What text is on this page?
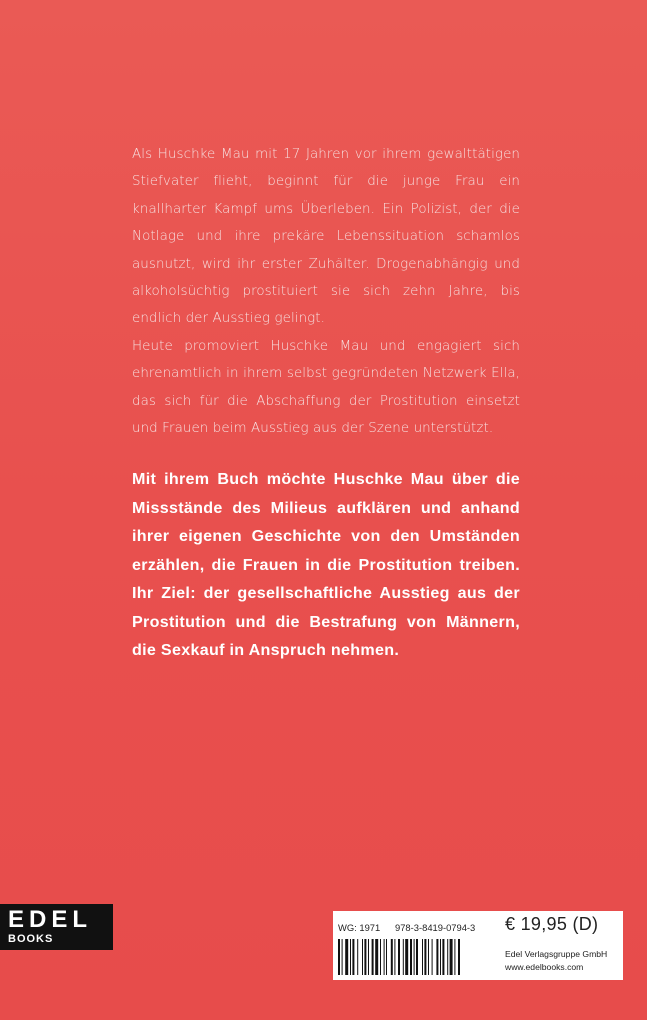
Als Huschke Mau mit 17 Jahren vor ihrem gewalttätigen Stiefvater flieht, beginnt für die junge Frau ein knallharter Kampf ums Überleben. Ein Polizist, der die Notlage und ihre prekäre Lebenssituation schamlos ausnutzt, wird ihr erster Zuhälter. Drogenabhängig und alkoholsüchtig prostituiert sie sich zehn Jahre, bis endlich der Ausstieg gelingt.

Heute promoviert Huschke Mau und engagiert sich ehrenamtlich in ihrem selbst gegründeten Netzwerk Ella, das sich für die Abschaffung der Prostitution einsetzt und Frauen beim Ausstieg aus der Szene unterstützt.

Mit ihrem Buch möchte Huschke Mau über die Missstände des Milieus aufklären und anhand ihrer eigenen Geschichte von den Umständen erzählen, die Frauen in die Prostitution treiben. Ihr Ziel: der gesellschaftliche Ausstieg aus der Prostitution und die Bestrafung von Männern, die Sexkauf in Anspruch nehmen.

EDEL
BOOKS
WG: 1971 978-3-8419-0794-3 € 19,95 (D)
Edel Verlagsgruppe GmbH
www.edelbooks.com
